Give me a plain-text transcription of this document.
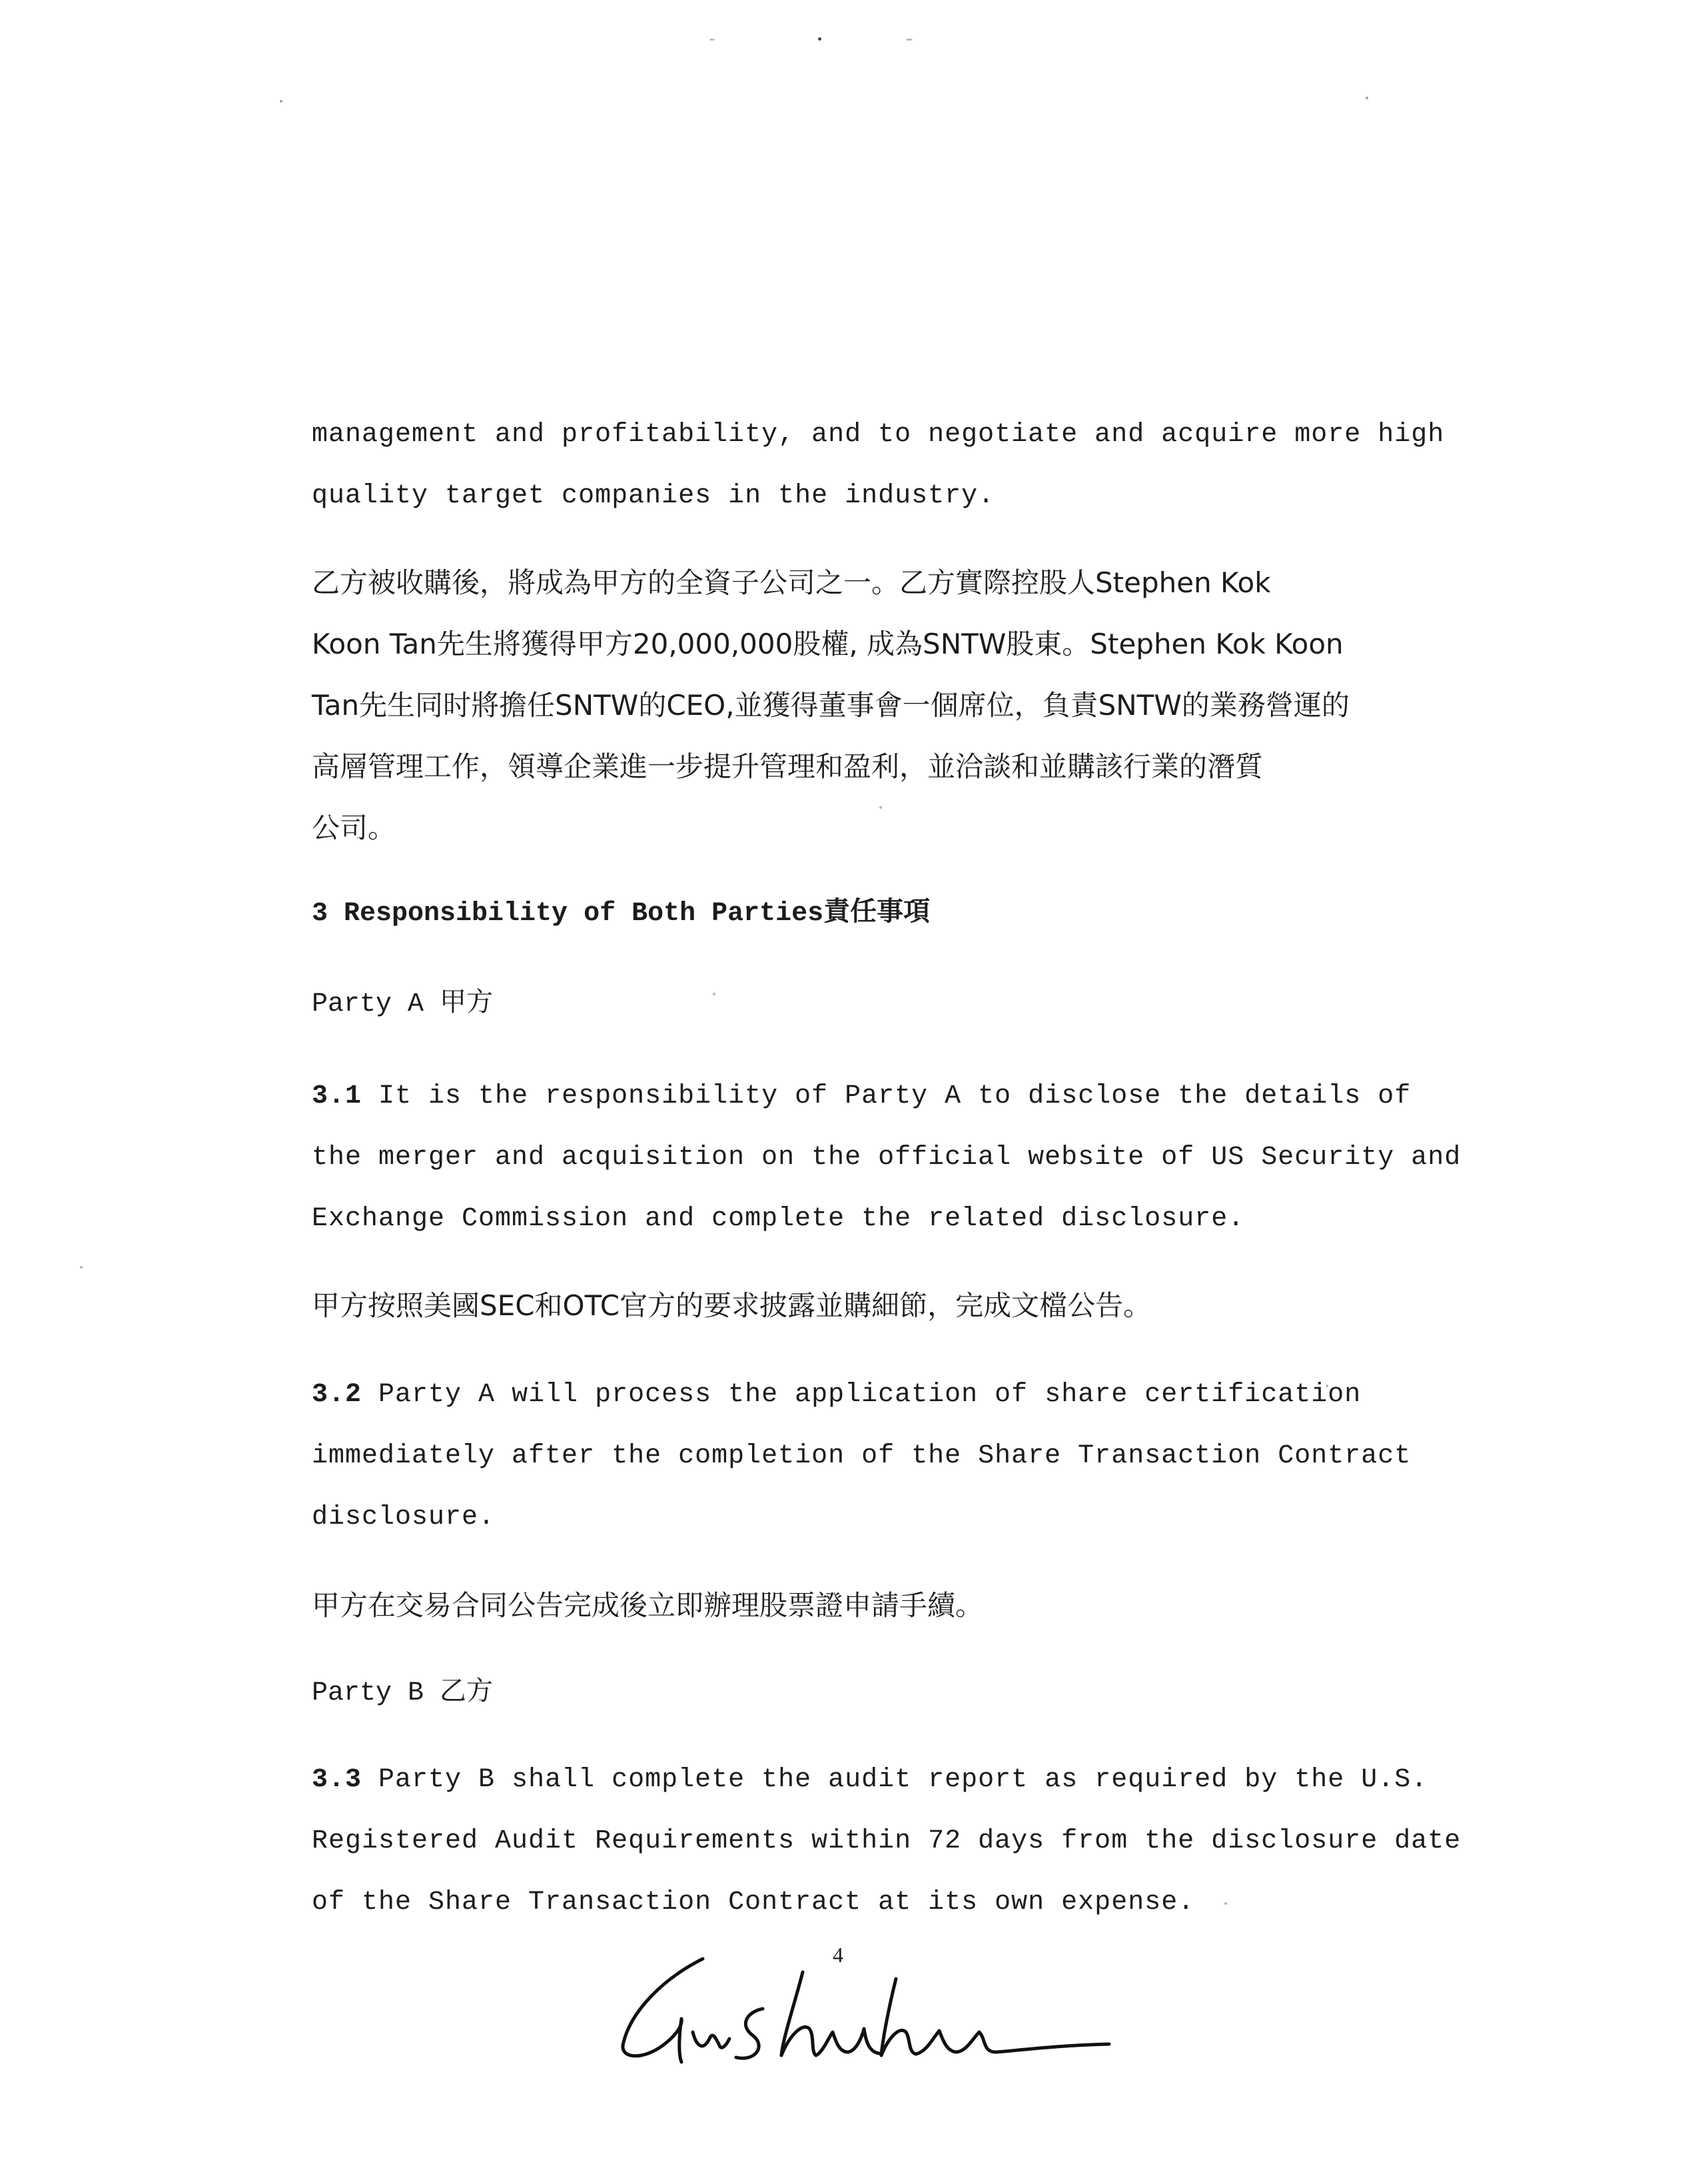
management and profitability, and to negotiate and acquire more high

quality target companies in the industry.

乙方被收購後，將成為甲方的全資子公司之一。乙方實際控股人Stephen Kok

Koon Tan先生將獲得甲方20,000,000股權, 成為SNTW股東。Stephen Kok Koon

Tan先生同时將擔任SNTW的CEO,並獲得董事會一個席位，負責SNTW的業務營運的

高層管理工作，領導企業進一步提升管理和盈利，並洽談和並購該行業的潛質

公司。

3 Responsibility of Both Parties責任事項

Party A 甲方

3.1 It is the responsibility of Party A to disclose the details of

the merger and acquisition on the official website of US Security and

Exchange Commission and complete the related disclosure.

甲方按照美國SEC和OTC官方的要求披露並購細節，完成文檔公告。

3.2 Party A will process the application of share certification

immediately after the completion of the Share Transaction Contract

disclosure.

甲方在交易合同公告完成後立即辦理股票證申請手續。

Party B 乙方

3.3 Party B shall complete the audit report as required by the U.S.

Registered Audit Requirements within 72 days from the disclosure date

of the Share Transaction Contract at its own expense.

4
